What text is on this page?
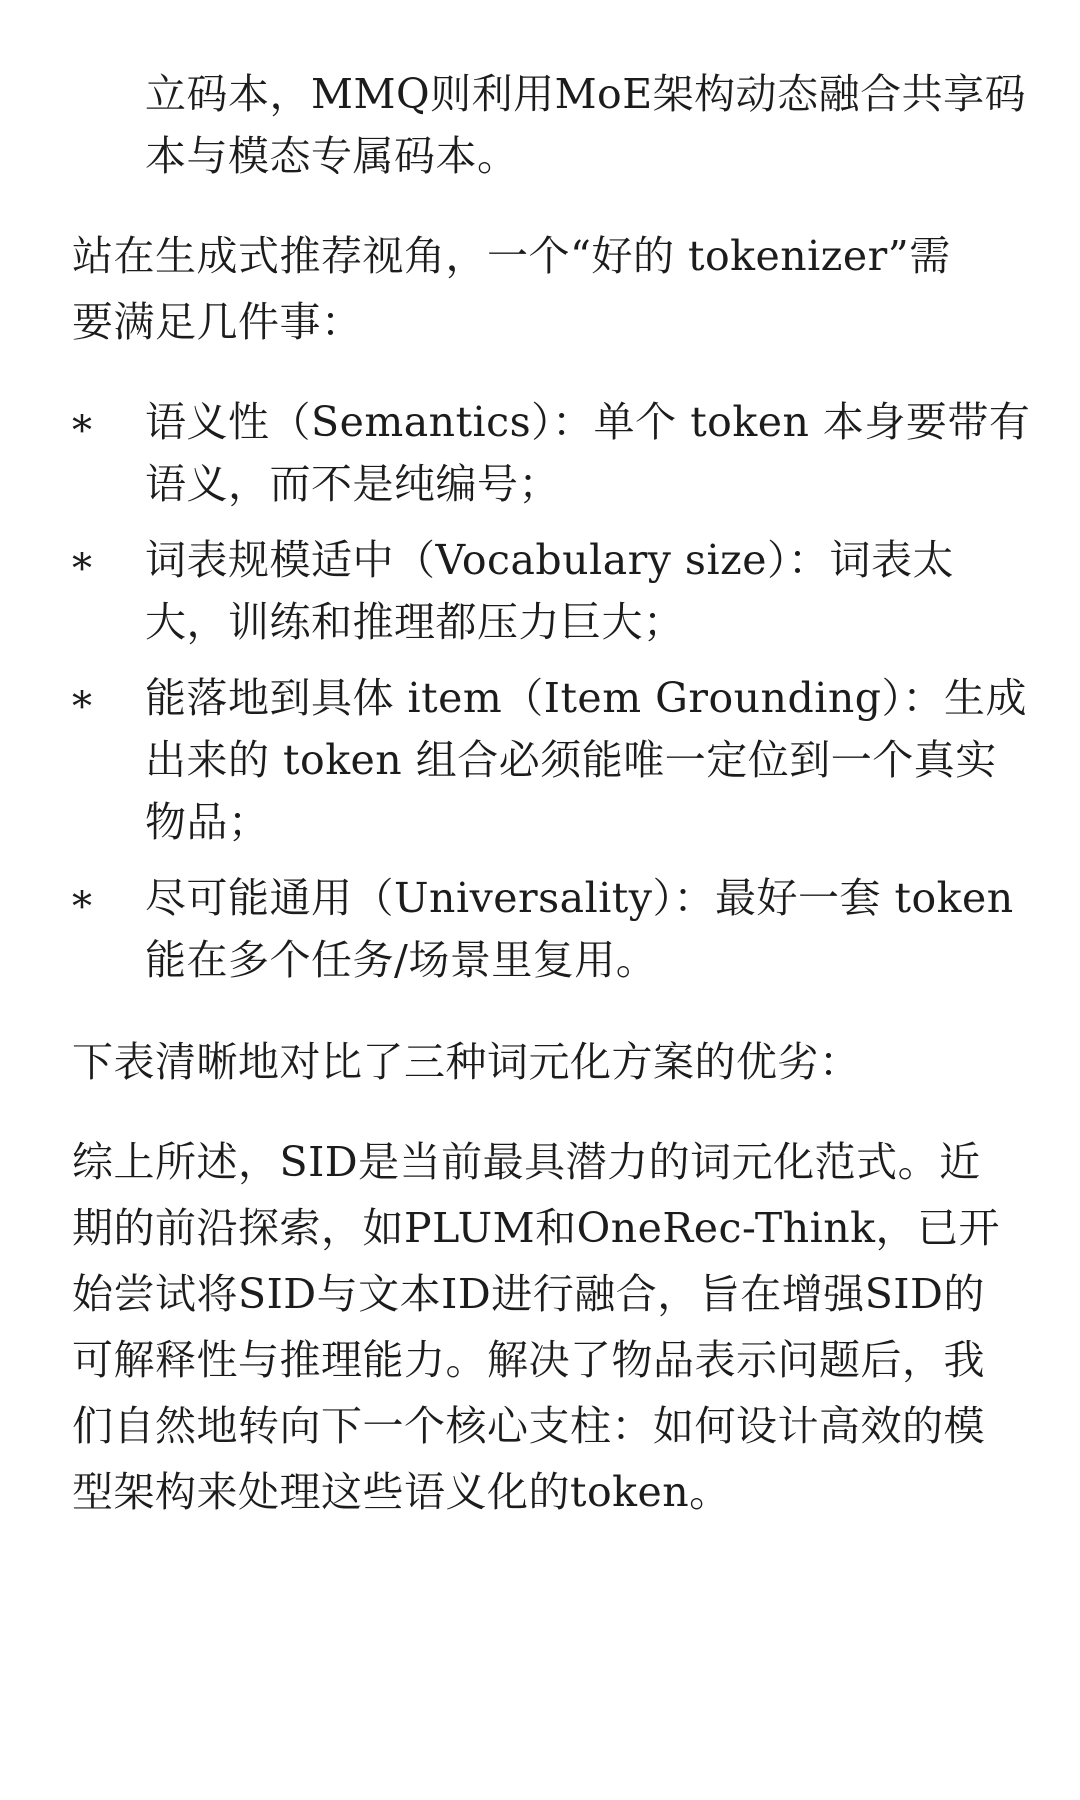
立码本，MMQ则利用MoE架构动态融合共享码
本与模态专属码本。
站在生成式推荐视角，一个“好的 tokenizer”需
要满足几件事：
* 语义性（Semantics）：单个 token 本身要带有
语义，而不是纯编号；
* 词表规模适中（Vocabulary size）：词表太
大，训练和推理都压力巨大；
* 能落地到具体 item（Item Grounding）：生成
出来的 token 组合必须能唯一定位到一个真实
物品；
* 尽可能通用（Universality）：最好一套 token
能在多个任务/场景里复用。
下表清晰地对比了三种词元化方案的优劣：
综上所述，SID是当前最具潜力的词元化范式。近
期的前沿探索，如PLUM和OneRec-Think，已开
始尝试将SID与文本ID进行融合，旨在增强SID的
可解释性与推理能力。解决了物品表示问题后，我
们自然地转向下一个核心支柱：如何设计高效的模
型架构来处理这些语义化的token。
